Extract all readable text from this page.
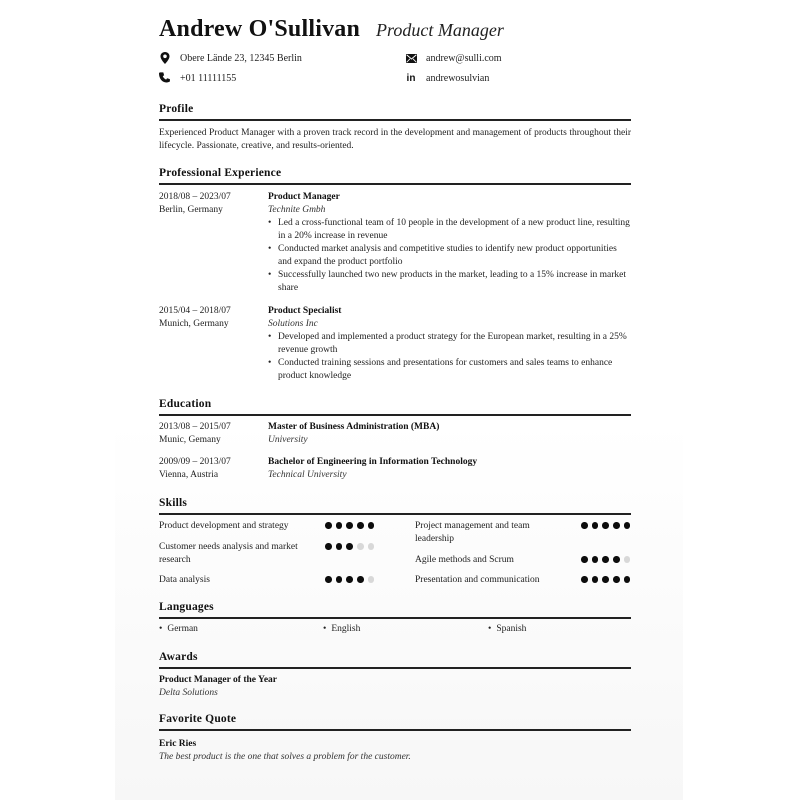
Andrew O'Sullivan Product Manager
Obere Lände 23, 12345 Berlin
+01 11111155
andrew@sulli.com
in andrewosulvian
Profile
Experienced Product Manager with a proven track record in the development and management of products throughout their lifecycle. Passionate, creative, and results-oriented.
Professional Experience
2018/08 – 2023/07
Berlin, Germany
Product Manager
Technite Gmbh
• Led a cross-functional team of 10 people in the development of a new product line, resulting in a 20% increase in revenue
• Conducted market analysis and competitive studies to identify new product opportunities and expand the product portfolio
• Successfully launched two new products in the market, leading to a 15% increase in market share
2015/04 – 2018/07
Munich, Germany
Product Specialist
Solutions Inc
• Developed and implemented a product strategy for the European market, resulting in a 25% revenue growth
• Conducted training sessions and presentations for customers and sales teams to enhance product knowledge
Education
2013/08 – 2015/07
Munic, Gemany
Master of Business Administration (MBA)
University
2009/09 – 2013/07
Vienna, Austria
Bachelor of Engineering in Information Technology
Technical University
Skills
Product development and strategy	Project management and team leadership
Customer needs analysis and market research	Agile methods and Scrum
Data analysis	Presentation and communication
Languages
• German	• English	• Spanish
Awards
Product Manager of the Year
Delta Solutions
Favorite Quote
Eric Ries
The best product is the one that solves a problem for the customer.
